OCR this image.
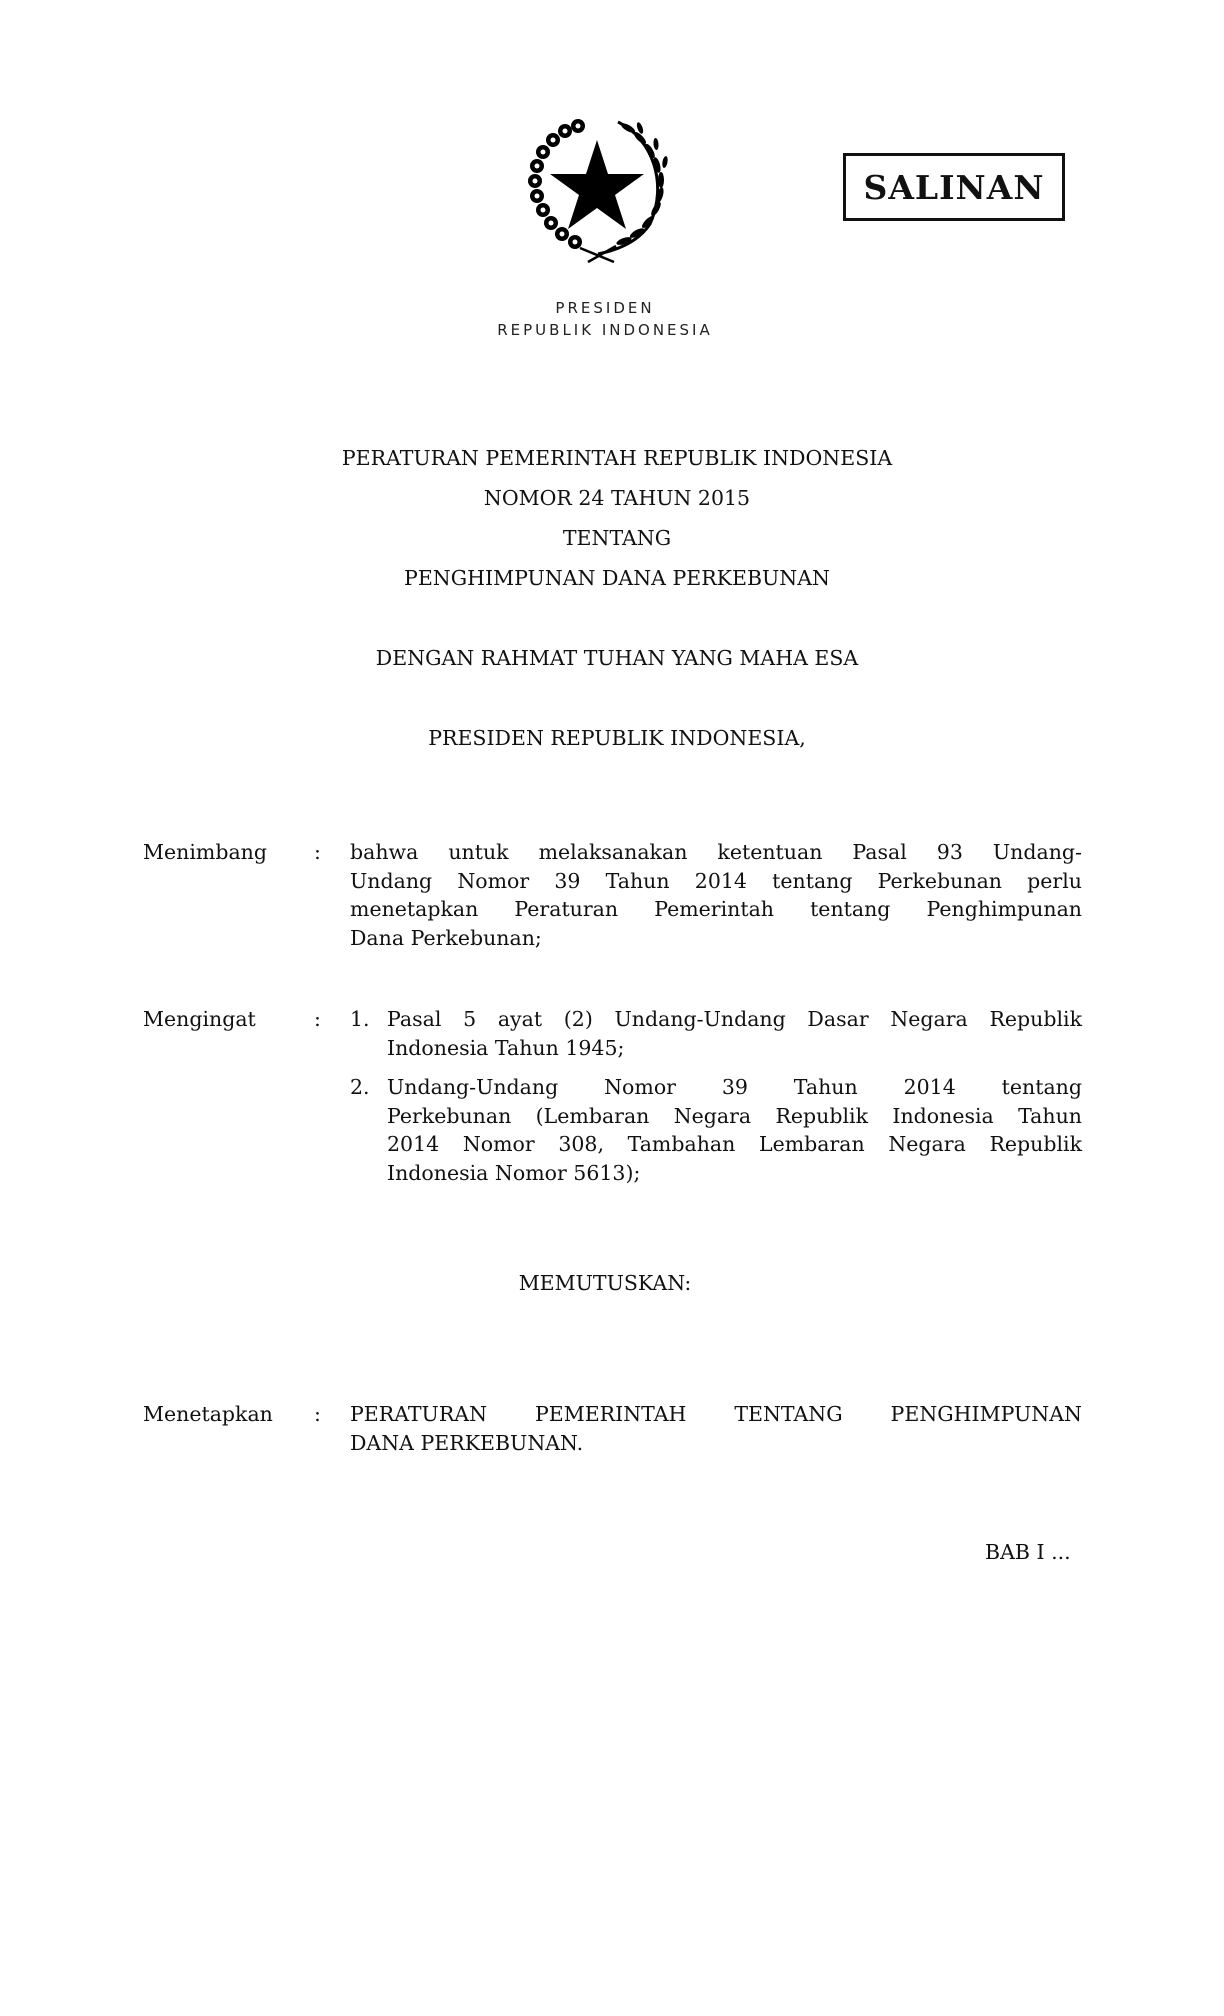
PRESIDEN
REPUBLIK INDONESIA
SALINAN
PERATURAN PEMERINTAH REPUBLIK INDONESIA
NOMOR 24 TAHUN 2015
TENTANG
PENGHIMPUNAN DANA PERKEBUNAN
DENGAN RAHMAT TUHAN YANG MAHA ESA
PRESIDEN REPUBLIK INDONESIA,
Menimbang	: bahwa untuk melaksanakan ketentuan Pasal 93 Undang-

Undang Nomor 39 Tahun 2014 tentang Perkebunan perlu

menetapkan Peraturan Pemerintah tentang Penghimpunan

Dana Perkebunan;

Mengingat	: 1. Pasal 5 ayat (2) Undang-Undang Dasar Negara Republik

Indonesia Tahun 1945;

2. Undang-Undang Nomor 39 Tahun 2014 tentang

Perkebunan (Lembaran Negara Republik Indonesia Tahun

2014 Nomor 308, Tambahan Lembaran Negara Republik

Indonesia Nomor 5613);

MEMUTUSKAN:
Menetapkan	: PERATURAN PEMERINTAH TENTANG PENGHIMPUNAN

DANA PERKEBUNAN.

BAB I ...
